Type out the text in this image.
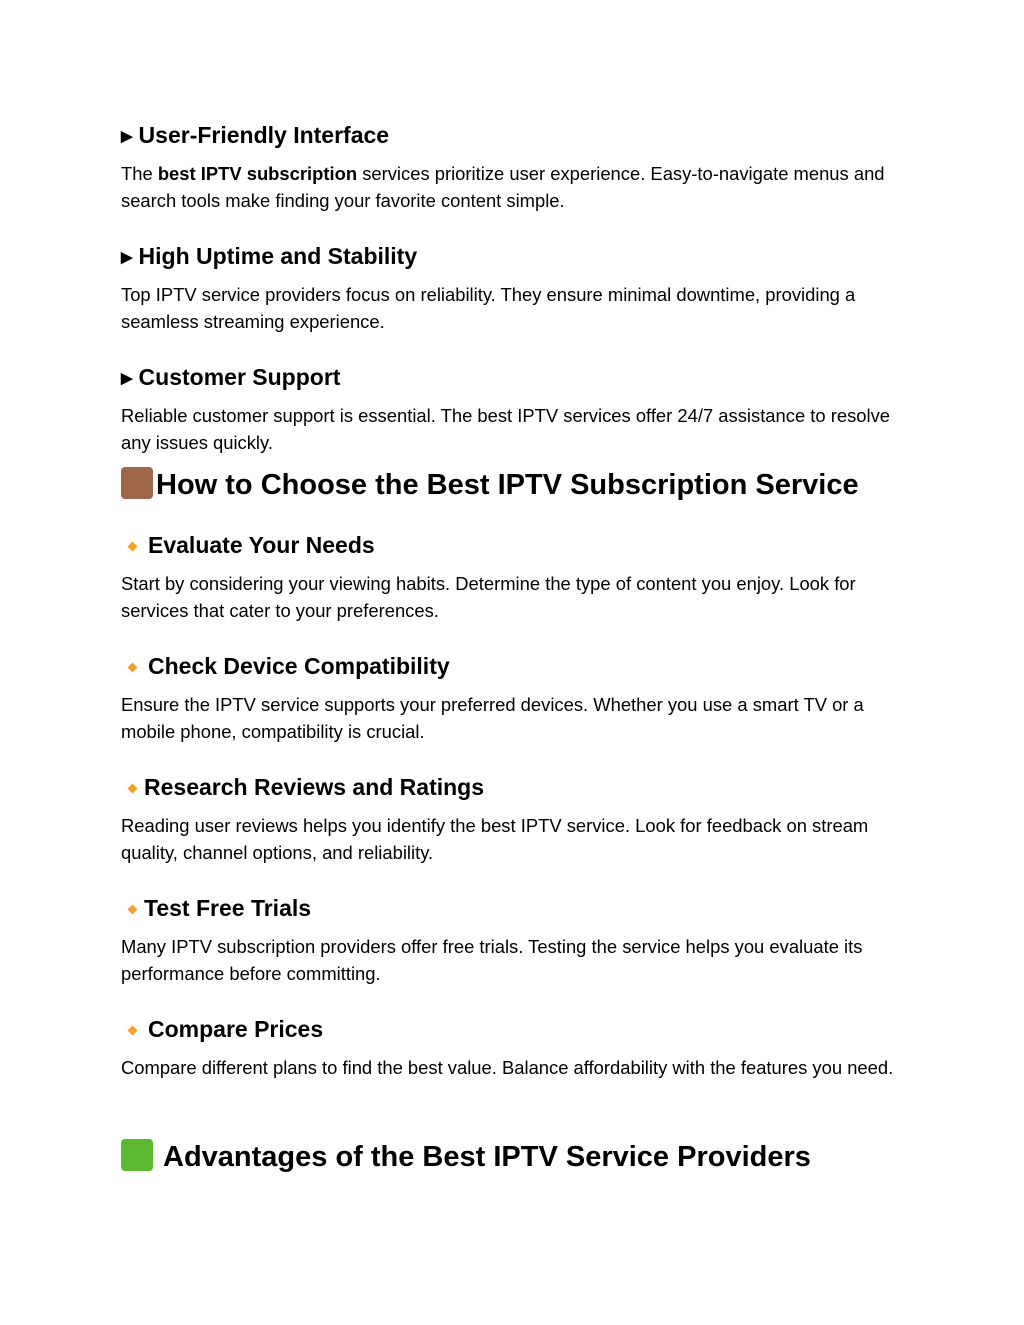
▶ User-Friendly Interface
The best IPTV subscription services prioritize user experience. Easy-to-navigate menus and search tools make finding your favorite content simple.
▶ High Uptime and Stability
Top IPTV service providers focus on reliability. They ensure minimal downtime, providing a seamless streaming experience.
▶ Customer Support
Reliable customer support is essential. The best IPTV services offer 24/7 assistance to resolve any issues quickly.
How to Choose the Best IPTV Subscription Service
Evaluate Your Needs
Start by considering your viewing habits. Determine the type of content you enjoy. Look for services that cater to your preferences.
Check Device Compatibility
Ensure the IPTV service supports your preferred devices. Whether you use a smart TV or a mobile phone, compatibility is crucial.
Research Reviews and Ratings
Reading user reviews helps you identify the best IPTV service. Look for feedback on stream quality, channel options, and reliability.
Test Free Trials
Many IPTV subscription providers offer free trials. Testing the service helps you evaluate its performance before committing.
Compare Prices
Compare different plans to find the best value. Balance affordability with the features you need.
Advantages of the Best IPTV Service Providers
